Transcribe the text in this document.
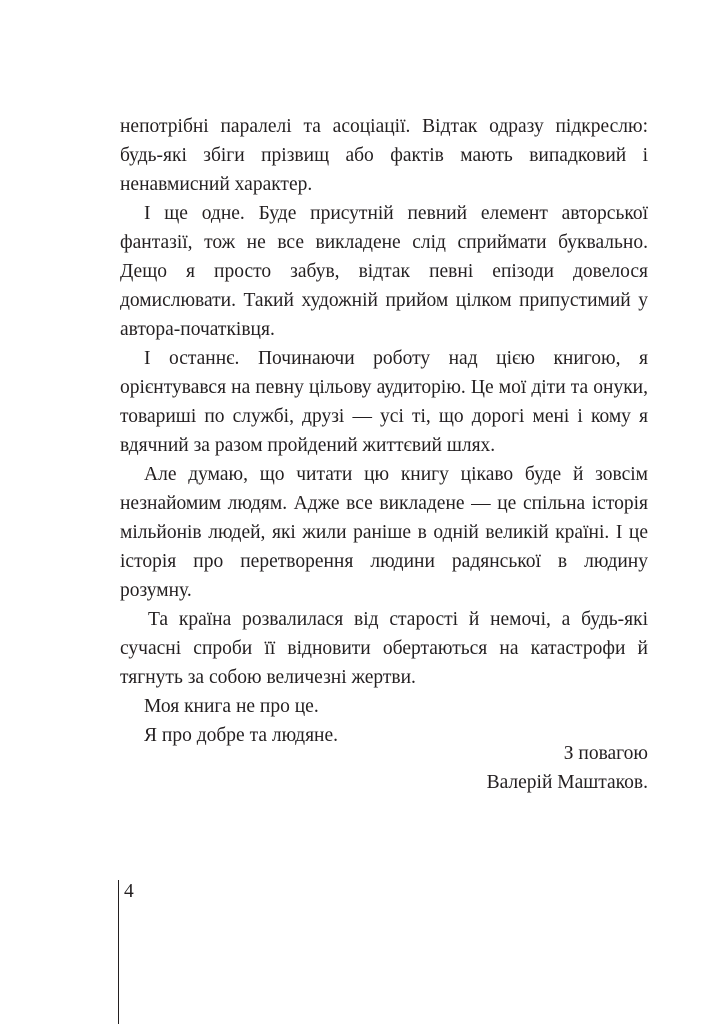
непотрібні паралелі та асоціації. Відтак одразу підкреслю: будь-які збіги прізвищ або фактів мають випадковий і ненавмисний характер.

І ще одне. Буде присутній певний елемент авторської фантазії, тож не все викладене слід сприймати буквально. Дещо я просто забув, відтак певні епізоди довелося домислювати. Такий художній прийом цілком припустимий у автора-початківця.

І останнє. Починаючи роботу над цією книгою, я орієнтувався на певну цільову аудиторію. Це мої діти та онуки, товариші по службі, друзі — усі ті, що дорогі мені і кому я вдячний за разом пройдений життєвий шлях.

Але думаю, що читати цю книгу цікаво буде й зовсім незнайомим людям. Адже все викладене — це спільна історія мільйонів людей, які жили раніше в одній великій країні. І це історія про перетворення людини радянської в людину розумну.

Та країна розвалилася від старості й немочі, а будь-які сучасні спроби її відновити обертаються на катастрофи й тягнуть за собою величезні жертви.

Моя книга не про це.

Я про добре та людяне.

З повагою
Валерій Маштаков.
4
